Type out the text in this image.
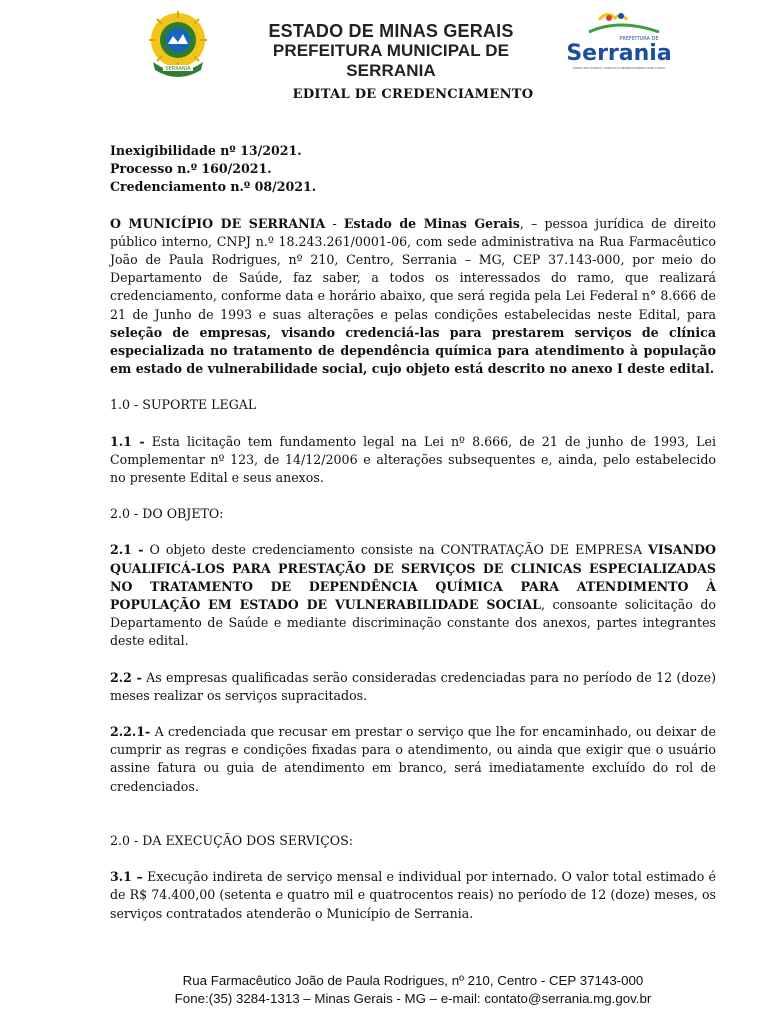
SERRANIA
ESTADO DE MINAS GERAIS
PREFEITURA MUNICIPAL DE SERRANIA
PREFEITURA DE
Serrania
JUNTOS POR TURISMO, TRABALHO E DESENVOLVIMENTO PARA O POVO
EDITAL DE CREDENCIAMENTO
Inexigibilidade nº 13/2021.
Processo n.º 160/2021.
Credenciamento n.º 08/2021.

O MUNICÍPIO DE SERRANIA - Estado de Minas Gerais, – pessoa jurídica de direito público interno, CNPJ n.º 18.243.261/0001-06, com sede administrativa na Rua Farmacêutico João de Paula Rodrigues, nº 210, Centro, Serrania – MG, CEP 37.143-000, por meio do Departamento de Saúde, faz saber, a todos os interessados do ramo, que realizará credenciamento, conforme data e horário abaixo, que será regida pela Lei Federal n° 8.666 de 21 de Junho de 1993 e suas alterações e pelas condições estabelecidas neste Edital, para seleção de empresas, visando credenciá-las para prestarem serviços de clínica especializada no tratamento de dependência química para atendimento à população em estado de vulnerabilidade social, cujo objeto está descrito no anexo I deste edital.

1.0 - SUPORTE LEGAL

1.1 - Esta licitação tem fundamento legal na Lei nº 8.666, de 21 de junho de 1993, Lei Complementar nº 123, de 14/12/2006 e alterações subsequentes e, ainda, pelo estabelecido no presente Edital e seus anexos.

2.0 - DO OBJETO:

2.1 - O objeto deste credenciamento consiste na CONTRATAÇÃO DE EMPRESA VISANDO QUALIFICÁ-LOS PARA PRESTAÇÃO DE SERVIÇOS DE CLINICAS ESPECIALIZADAS NO TRATAMENTO DE DEPENDÊNCIA QUÍMICA PARA ATENDIMENTO À POPULAÇÃO EM ESTADO DE VULNERABILIDADE SOCIAL, consoante solicitação do Departamento de Saúde e mediante discriminação constante dos anexos, partes integrantes deste edital.

2.2 - As empresas qualificadas serão consideradas credenciadas para no período de 12 (doze) meses realizar os serviços supracitados.

2.2.1- A credenciada que recusar em prestar o serviço que lhe for encaminhado, ou deixar de cumprir as regras e condições fixadas para o atendimento, ou ainda que exigir que o usuário assine fatura ou guia de atendimento em branco, será imediatamente excluído do rol de credenciados.

2.0 - DA EXECUÇÃO DOS SERVIÇOS:

3.1 – Execução indireta de serviço mensal e individual por internado. O valor total estimado é de R$ 74.400,00 (setenta e quatro mil e quatrocentos reais) no período de 12 (doze) meses, os serviços contratados atenderão o Município de Serrania.

Rua Farmacêutico João de Paula Rodrigues, nº 210, Centro - CEP 37143-000
Fone:(35) 3284-1313 – Minas Gerais - MG – e-mail: contato@serrania.mg.gov.br
